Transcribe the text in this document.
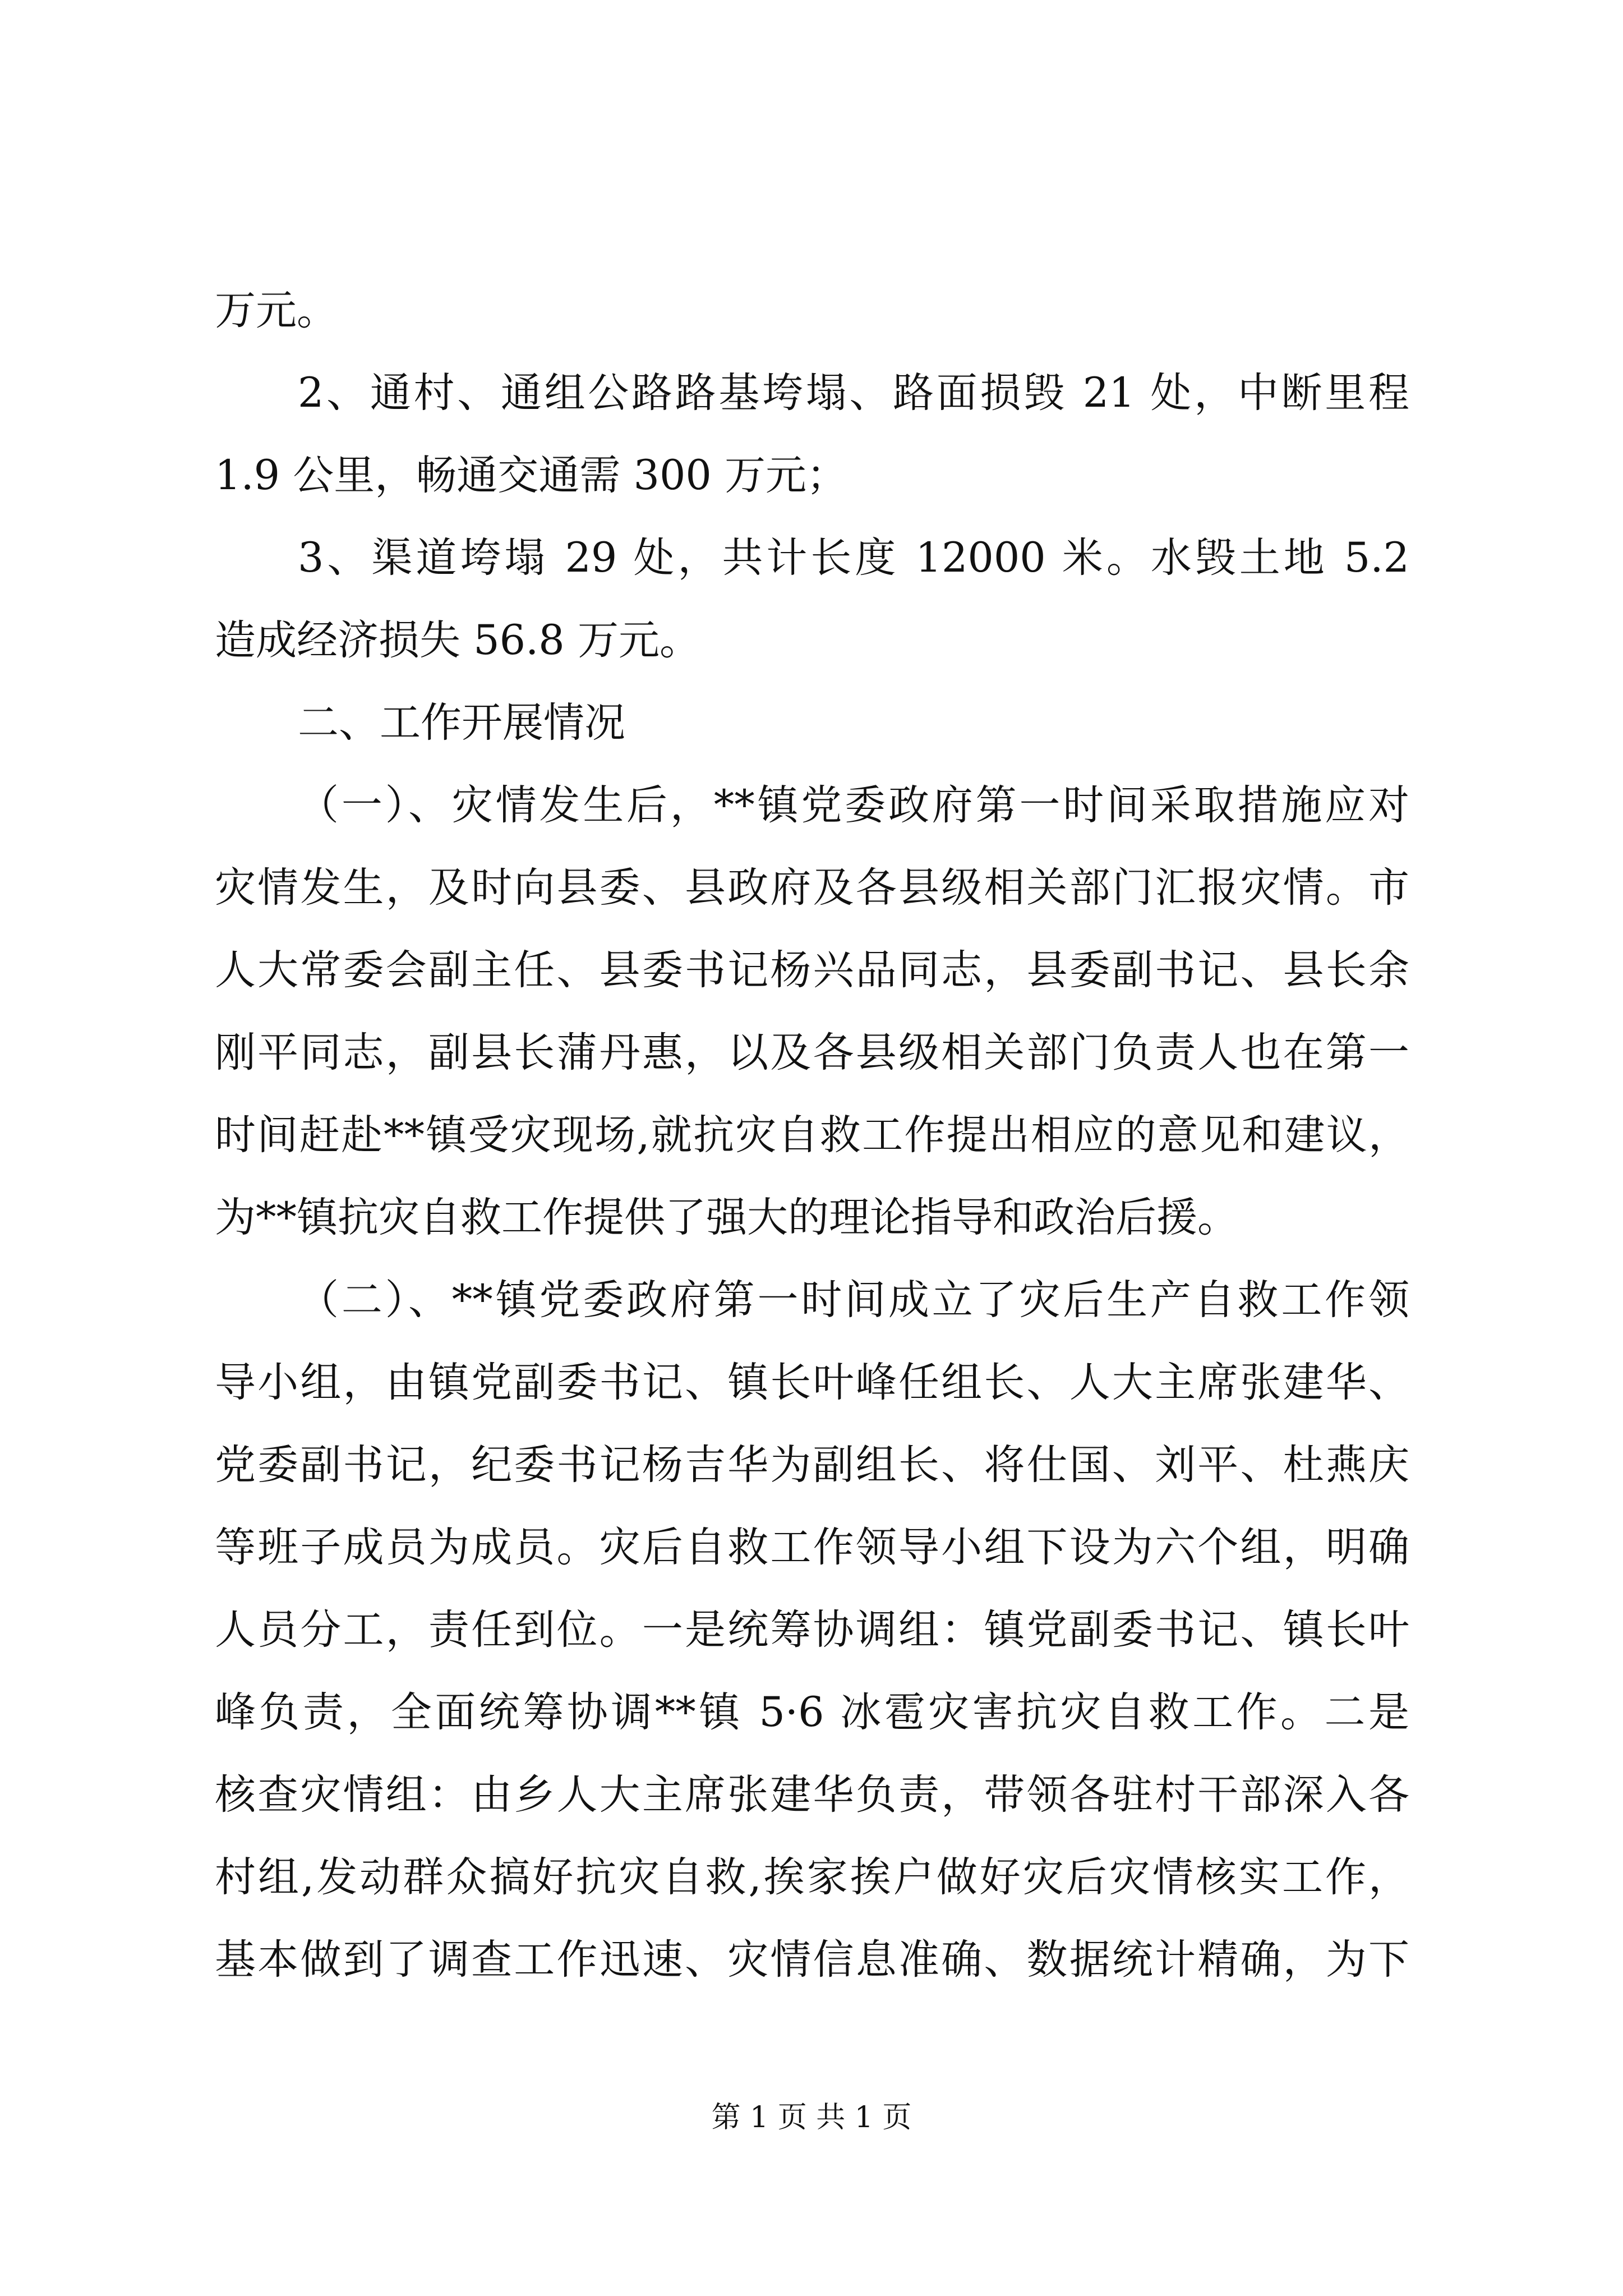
万元。
2、通村、通组公路路基垮塌、路面损毁 21 处，中断里程
1.9 公里，畅通交通需 300 万元；
3、渠道垮塌 29 处，共计长度 12000 米。水毁土地 5.2
造成经济损失 56.8 万元。
二、工作开展情况
（一）、灾情发生后，**镇党委政府第一时间采取措施应对
灾情发生，及时向县委、县政府及各县级相关部门汇报灾情。市
人大常委会副主任、县委书记杨兴品同志，县委副书记、县长余
刚平同志，副县长蒲丹惠，以及各县级相关部门负责人也在第一
时间赶赴**镇受灾现场,就抗灾自救工作提出相应的意见和建议，
为**镇抗灾自救工作提供了强大的理论指导和政治后援。
（二）、**镇党委政府第一时间成立了灾后生产自救工作领
导小组，由镇党副委书记、镇长叶峰任组长、人大主席张建华、
党委副书记，纪委书记杨吉华为副组长、将仕国、刘平、杜燕庆
等班子成员为成员。灾后自救工作领导小组下设为六个组，明确
人员分工，责任到位。一是统筹协调组：镇党副委书记、镇长叶
峰负责，全面统筹协调**镇 5·6 冰雹灾害抗灾自救工作。二是
核查灾情组：由乡人大主席张建华负责，带领各驻村干部深入各
村组,发动群众搞好抗灾自救,挨家挨户做好灾后灾情核实工作，
基本做到了调查工作迅速、灾情信息准确、数据统计精确，为下
第 1 页 共 1 页
